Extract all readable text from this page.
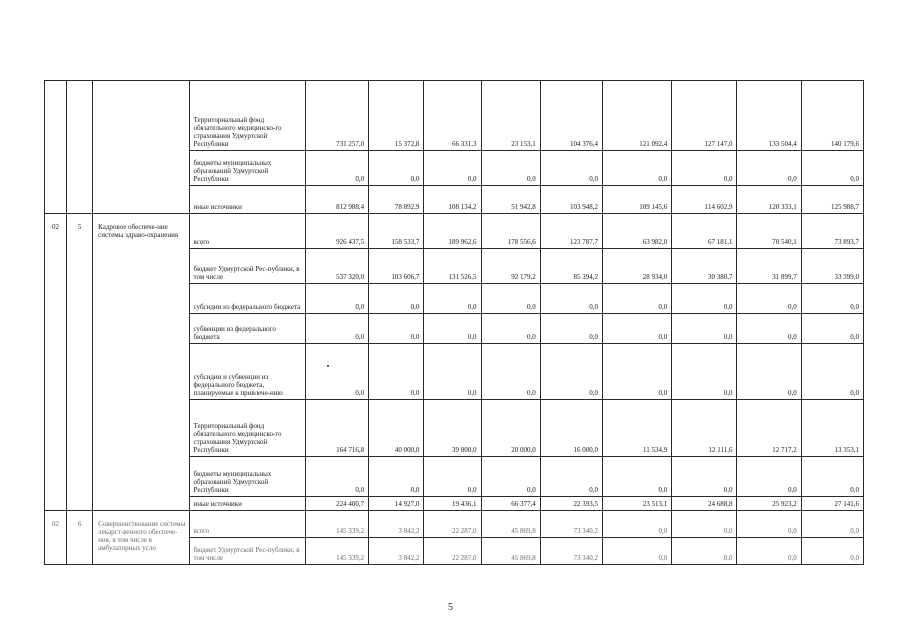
			Территориальный фонд обязательного медицинско-го страхования Удмуртской Республики	731 257,0	15 372,8	66 331,3	23 153,1	104 376,4	121 092,4	127 147,0	133 504,4	140 179,6

			бюджеты муниципальных образований Удмуртской Республики	0,0	0,0	0,0	0,0	0,0	0,0	0,0	0,0	0,0

			иные источники	812 988,4	78 892,9	108 134,2	51 942,8	103 948,2	109 145,6	114 602,9	120 333,1	125 988,7
02	5	Кадровое обеспече-ние системы здраво-охранения	всего	926 437,5	158 533,7	189 962,6	178 556,6	123 787,7	63 982,0	67 181,1	70 540,1	73 893,7

			бюджет Удмуртской Рес-публики, в том числе	537 320,0	103 606,7	131 526,5	92 179,2	85 394,2	28 934,0	30 380,7	31 899,7	33 399,0

			субсидии из федерального бюджета	0,0	0,0	0,0	0,0	0,0	0,0	0,0	0,0	0,0

			субвенции из федерального бюджета	0,0	0,0	0,0	0,0	0,0	0,0	0,0	0,0	0,0

			субсидии и субвенции из федерального бюджета, планируемые к привлече-нию	0,0	0,0	0,0	0,0	0,0	0,0	0,0	0,0	0,0

			Территориальный фонд обязательного медицинско-го страхования Удмуртской Республики	164 716,8	40 000,0	39 800,0	20 000,0	16 000,0	11 534,9	12 111,6	12 717,2	13 353,1

			бюджеты муниципальных образований Удмуртской Республики	0,0	0,0	0,0	0,0	0,0	0,0	0,0	0,0	0,0

			иные источники	224 400,7	14 927,0	19 436,1	66 377,4	22 393,5	23 513,1	24 688,8	25 923,2	27 141,6
02	6	Совершенствование системы лекарст-венного обеспече-ния, в том числе в амбулаторных усло	всего	145 339,2	3 842,2	22 287,0	45 869,8	73 340,2	0,0	0,0	0,0	0,0

			бюджет Удмуртской Рес-публики, в том числе	145 339,2	3 842,2	22 287,0	45 869,8	73 340,2	0,0	0,0	0,0	0,0
5
